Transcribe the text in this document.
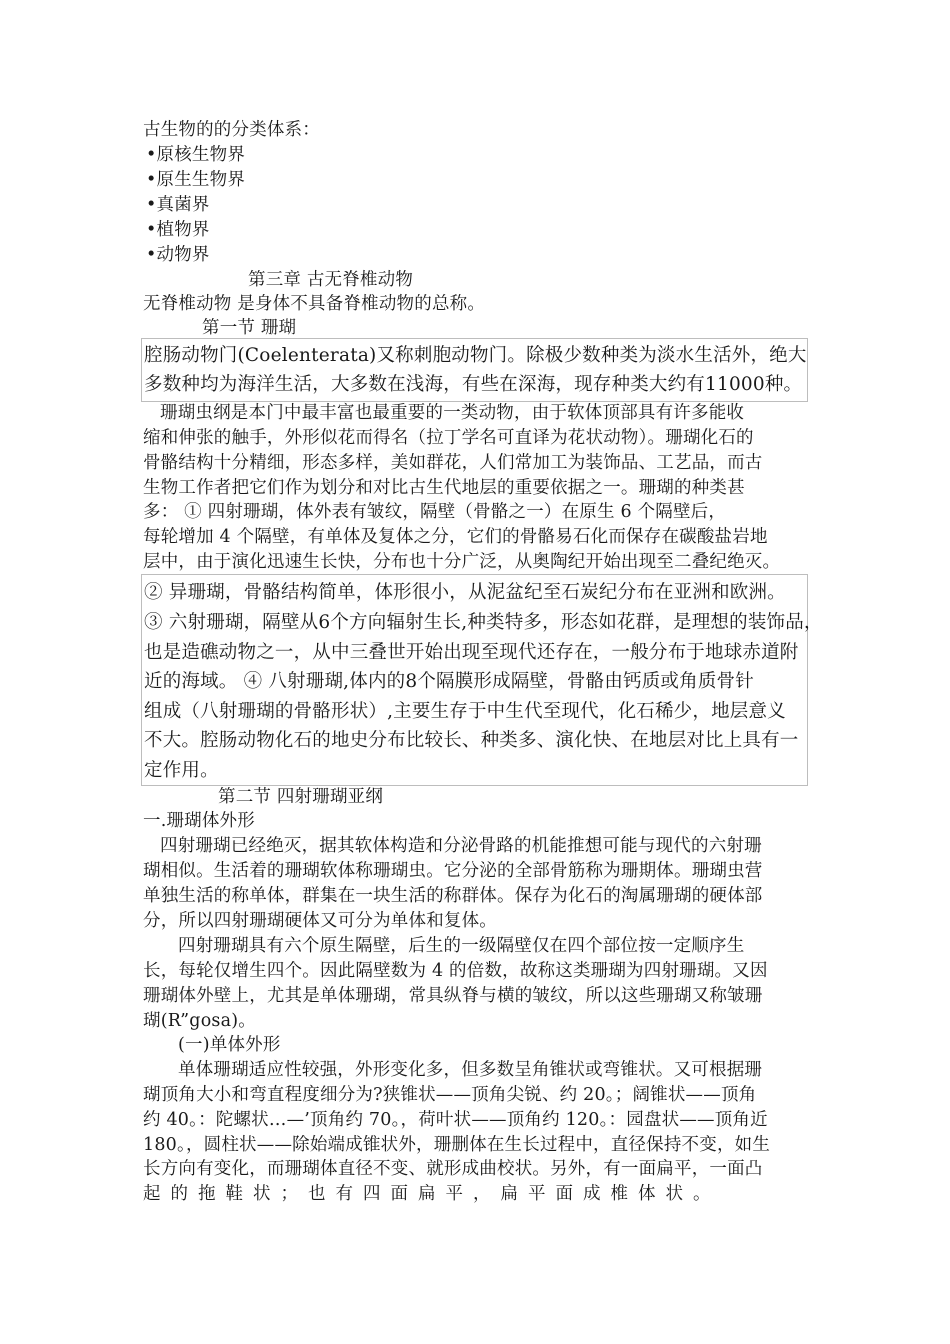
古生物的的分类体系：
•原核生物界
•原生生物界
•真菌界
•植物界
•动物界
第三章 古无脊椎动物
无脊椎动物 是身体不具备脊椎动物的总称。
第一节 珊瑚
腔肠动物门(Coelenterata)又称刺胞动物门。除极少数种类为淡水生活外，绝大
多数种均为海洋生活，大多数在浅海，有些在深海，现存种类大约有11000种。
珊瑚虫纲是本门中最丰富也最重要的一类动物，由于软体顶部具有许多能收
缩和伸张的触手，外形似花而得名（拉丁学名可直译为花状动物）。珊瑚化石的
骨骼结构十分精细，形态多样，美如群花，人们常加工为装饰品、工艺品，而古
生物工作者把它们作为划分和对比古生代地层的重要依据之一。珊瑚的种类甚
多： ① 四射珊瑚，体外表有皱纹，隔壁（骨骼之一）在原生 6 个隔壁后，
每轮增加 4 个隔壁，有单体及复体之分，它们的骨骼易石化而保存在碳酸盐岩地
层中，由于演化迅速生长快，分布也十分广泛，从奥陶纪开始出现至二叠纪绝灭。
② 异珊瑚，骨骼结构简单，体形很小，从泥盆纪至石炭纪分布在亚洲和欧洲。
③ 六射珊瑚，隔壁从6个方向辐射生长,种类特多，形态如花群，是理想的装饰品，
也是造礁动物之一，从中三叠世开始出现至现代还存在，一般分布于地球赤道附
近的海域。 ④ 八射珊瑚,体内的8个隔膜形成隔壁，骨骼由钙质或角质骨针
组成（八射珊瑚的骨骼形状）,主要生存于中生代至现代，化石稀少，地层意义
不大。腔肠动物化石的地史分布比较长、种类多、演化快、在地层对比上具有一
定作用。
第二节 四射珊瑚亚纲
一.珊瑚体外形
四射珊瑚已经绝灭，据其软体构造和分泌骨路的机能推想可能与现代的六射珊
瑚相似。生活着的珊瑚软体称珊瑚虫。它分泌的全部骨筋称为珊期体。珊瑚虫营
单独生活的称单体，群集在一块生活的称群体。保存为化石的淘属珊瑚的硬体部
分，所以四射珊瑚硬体又可分为单体和复体。
四射珊瑚具有六个原生隔壁，后生的一级隔壁仅在四个部位按一定顺序生
长，每轮仅增生四个。因此隔壁数为 4 的倍数，故称这类珊瑚为四射珊瑚。又因
珊瑚体外壁上，尤其是单体珊瑚，常具纵脊与横的皱纹，所以这些珊瑚又称皱珊
瑚(R”gosa)。
(一)单体外形
单体珊瑚适应性较强，外形变化多，但多数呈角锥状或弯锥状。又可根据珊
瑚顶角大小和弯直程度细分为?狭锥状——顶角尖锐、约 20。；阔锥状——顶角
约 40。：陀螺状…—’顶角约 70。，荷叶状——顶角约 120。：园盘状——顶角近
180。，圆柱状——除始端成锥状外，珊删体在生长过程中，直径保持不变，如生
长方向有变化，而珊瑚体直径不变、就形成曲校状。另外，有一面扁平，一面凸
起的拖鞋状；也有四面扁平，扁平面成椎体状。
